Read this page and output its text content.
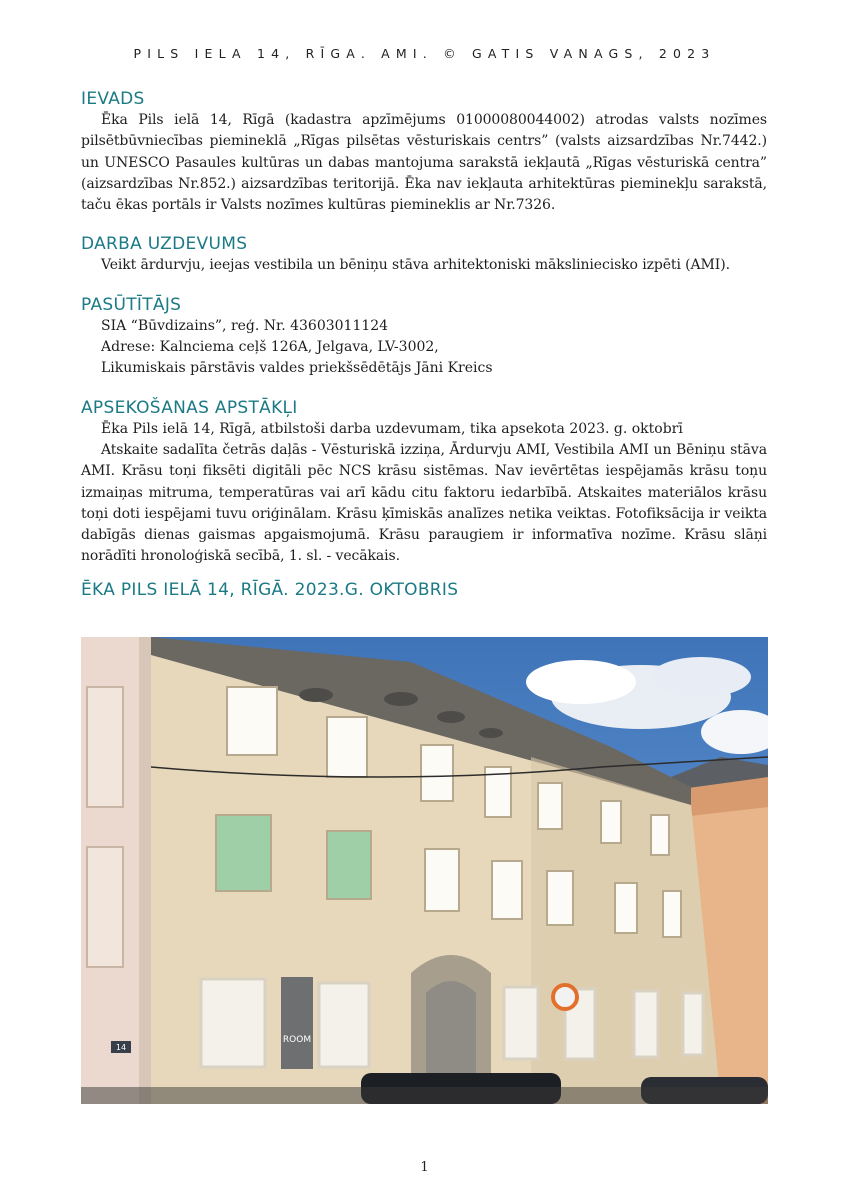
PILS IELA 14, RĪGA. AMI. © GATIS VANAGS, 2023
IEVADS

Ēka Pils ielā 14, Rīgā (kadastra apzīmējums 01000080044002) atrodas valsts nozīmes pilsētbūvniecības piemineklā „Rīgas pilsētas vēsturiskais centrs” (valsts aizsardzības Nr.7442.) un UNESCO Pasaules kultūras un dabas mantojuma sarakstā iekļautā „Rīgas vēsturiskā centra” (aizsardzības Nr.852.) aizsardzības teritorijā. Ēka nav iekļauta arhitektūras pieminekļu sarakstā, taču ēkas portāls ir Valsts nozīmes kultūras piemineklis ar Nr.7326.

DARBA UZDEVUMS

Veikt ārdurvju, ieejas vestibila un bēniņu stāva arhitektoniski mākslinieciskо izpēti (AMI).

PASŪTĪTĀJS
SIA “Būvdizains”, reģ. Nr. 43603011124
Adrese: Kalnciema ceļš 126A, Jelgava, LV-3002,
Likumiskais pārstāvis valdes priekšsēdētājs Jāni Kreics
APSEKOŠANAS APSTĀKĻI
Ēka Pils ielā 14, Rīgā, atbilstoši darba uzdevumam, tika apsekota 2023. g. oktobrī

Atskaite sadalīta četrās daļās - Vēsturiskā izziņa, Ārdurvju AMI, Vestibila AMI un Bēniņu stāva AMI. Krāsu toņi fiksēti digitāli pēc NCS krāsu sistēmas. Nav ievērtētas iespējamās krāsu toņu izmaiņas mitruma, temperatūras vai arī kādu citu faktoru iedarbībā. Atskaites materiālos krāsu toņi doti iespējami tuvu oriģinālam. Krāsu ķīmiskās analīzes netika veiktas. Fotofiksācija ir veikta dabīgās dienas gaismas apgaismojumā. Krāsu paraugiem ir informatīva nozīme. Krāsu slāņi norādīti hronoloģiskā secībā, 1. sl. - vecākais.

ĒKA PILS IELĀ 14, RĪGĀ. 2023.G. OKTOBRIS
ROOM
14
1
